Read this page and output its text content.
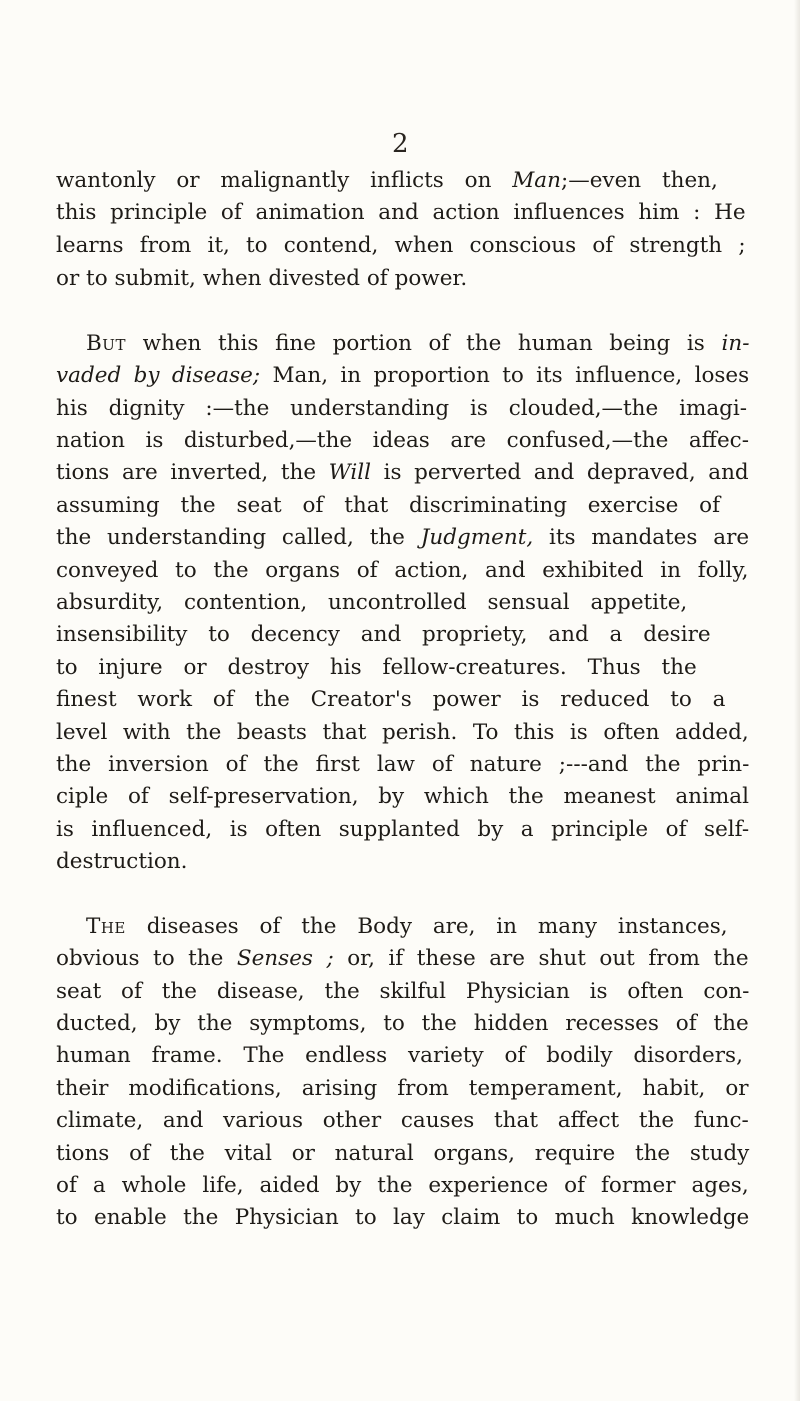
2
wantonly or malignantly inflicts on Man;—even then,
this principle of animation and action influences him : He
learns from it, to contend, when conscious of strength ;
or to submit, when divested of power.
But when this fine portion of the human being is in-
vaded by disease; Man, in proportion to its influence, loses
his dignity :—the understanding is clouded,—the imagi-
nation is disturbed,—the ideas are confused,—the affec-
tions are inverted, the Will is perverted and depraved, and
assuming the seat of that discriminating exercise of
the understanding called, the Judgment, its mandates are
conveyed to the organs of action, and exhibited in folly,
absurdity, contention, uncontrolled sensual appetite,
insensibility to decency and propriety, and a desire
to injure or destroy his fellow-creatures. Thus the
finest work of the Creator's power is reduced to a
level with the beasts that perish. To this is often added,
the inversion of the first law of nature ;---and the prin-
ciple of self-preservation, by which the meanest animal
is influenced, is often supplanted by a principle of self-
destruction.
The diseases of the Body are, in many instances,
obvious to the Senses ; or, if these are shut out from the
seat of the disease, the skilful Physician is often con-
ducted, by the symptoms, to the hidden recesses of the
human frame. The endless variety of bodily disorders,
their modifications, arising from temperament, habit, or
climate, and various other causes that affect the func-
tions of the vital or natural organs, require the study
of a whole life, aided by the experience of former ages,
to enable the Physician to lay claim to much knowledge
